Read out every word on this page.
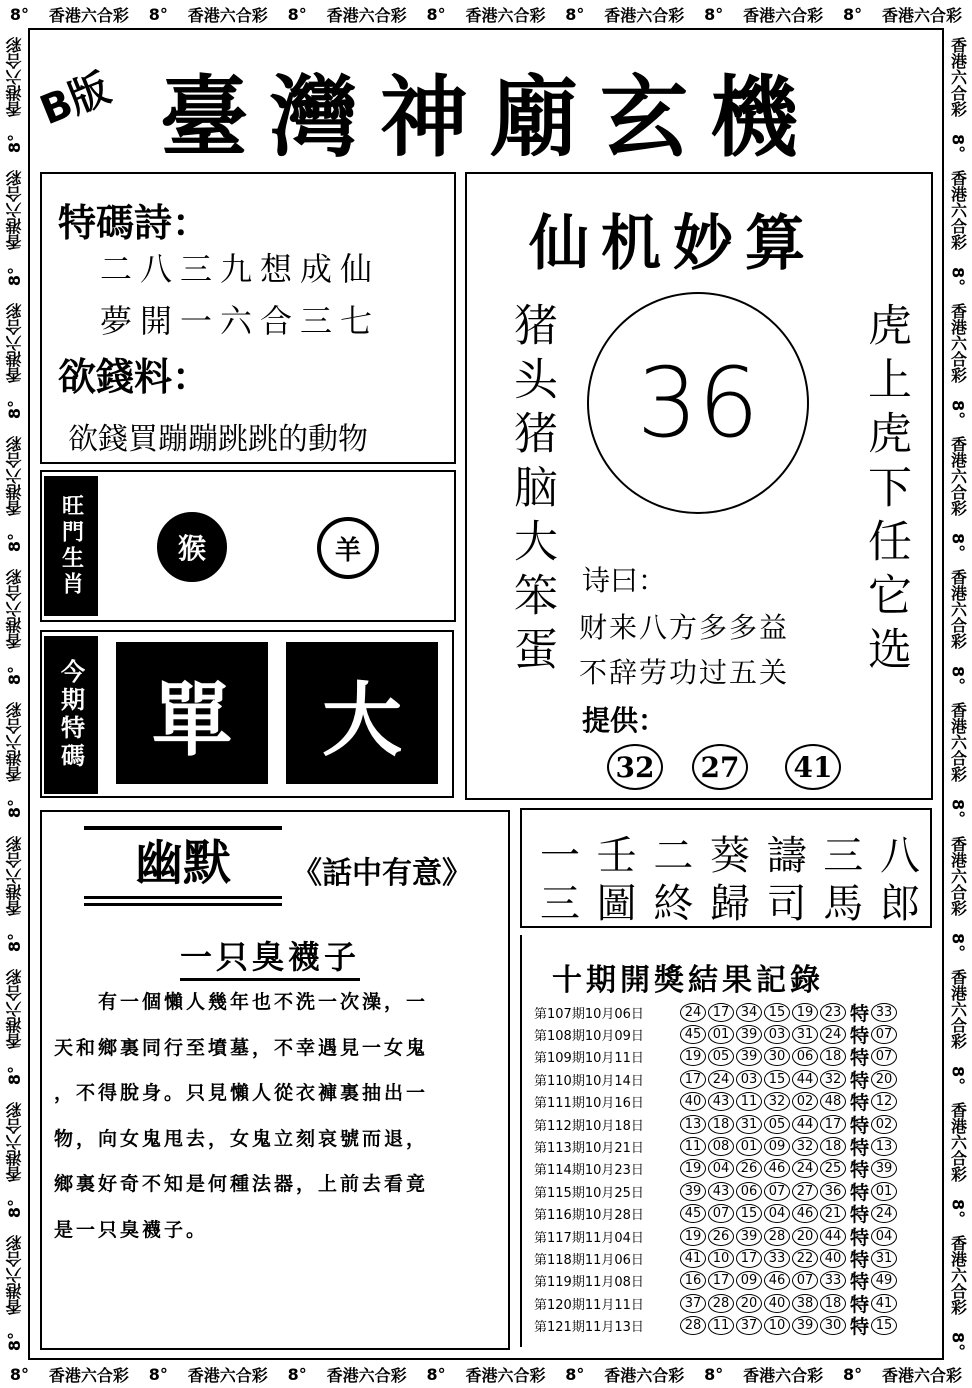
8° 香港六合彩 8° 香港六合彩 8° 香港六合彩 8° 香港六合彩 8° 香港六合彩 8° 香港六合彩 8° 香港六合彩
8° 香港六合彩 8° 香港六合彩 8° 香港六合彩 8° 香港六合彩 8° 香港六合彩 8° 香港六合彩 8° 香港六合彩
香港六合彩
8°
香港六合彩
8°
香港六合彩
8°
香港六合彩
8°
香港六合彩
8°
香港六合彩
8°
香港六合彩
8°
香港六合彩
8°
香港六合彩
8°
香港六合彩
8°
香港六合彩
8°
香港六合彩
8°
香港六合彩
8°
香港六合彩
8°
香港六合彩
8°
香港六合彩
8°
香港六合彩
8°
香港六合彩
8°
香港六合彩
8°
香港六合彩
8°
B版 臺灣神廟玄機
特碼詩：
二八三九想成仙
夢開一六合三七
欲錢料：
欲錢買蹦蹦跳跳的動物
旺門生肖	猴	羊
今期特碼 單	大
仙机妙算
猪头猪脑大笨蛋	虎上虎下任它选
36
诗曰：
财来八方多多益
不辞劳功过五关
提供：
32	27	41
幽默	《話中有意》
一只臭襪子
　　有一個懶人幾年也不洗一次澡，一
天和鄉裏同行至墳墓，不幸遇見一女鬼
，不得脫身。只見懶人從衣褲裏抽出一
物，向女鬼甩去，女鬼立刻哀號而退，
鄉裏好奇不知是何種法器，上前去看竟
是一只臭襪子。
一 壬 二 葵 譸 三 八
三 圖 終 歸 司 馬 郎
十期開獎結果記錄
第107期10月06日	24 17 34 15 19 23 特 33
第108期10月09日	45 01 39 03 31 24 特 07
第109期10月11日	19 05 39 30 06 18 特 07
第110期10月14日	17 24 03 15 44 32 特 20
第111期10月16日	40 43 11 32 02 48 特 12
第112期10月18日	13 18 31 05 44 17 特 02
第113期10月21日	11 08 01 09 32 18 特 13
第114期10月23日	19 04 26 46 24 25 特 39
第115期10月25日	39 43 06 07 27 36 特 01
第116期10月28日	45 07 15 04 46 21 特 24
第117期11月04日	19 26 39 28 20 44 特 04
第118期11月06日	41 10 17 33 22 40 特 31
第119期11月08日	16 17 09 46 07 33 特 49
第120期11月11日	37 28 20 40 38 18 特 41
第121期11月13日	28 11 37 10 39 30 特 15
